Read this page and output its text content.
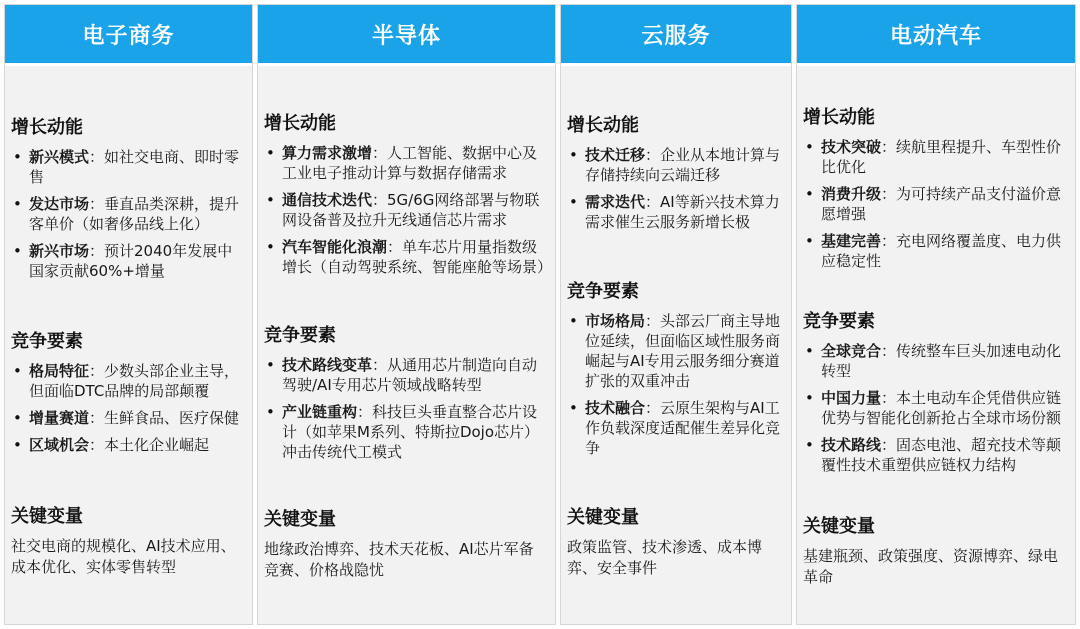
电子商务
增长动能
• 新兴模式：如社交电商、即时零售
• 发达市场：垂直品类深耕，提升客单价（如奢侈品线上化）
• 新兴市场：预计2040年发展中国家贡献60%+增量
竞争要素
• 格局特征：少数头部企业主导，但面临DTC品牌的局部颠覆
• 增量赛道：生鲜食品、医疗保健
• 区域机会：本土化企业崛起
关键变量

社交电商的规模化、AI技术应用、成本优化、实体零售转型

半导体
增长动能
• 算力需求激增：人工智能、数据中心及工业电子推动计算与数据存储需求
• 通信技术迭代：5G/6G网络部署与物联网设备普及拉升无线通信芯片需求
• 汽车智能化浪潮：单车芯片用量指数级增长（自动驾驶系统、智能座舱等场景）
竞争要素
• 技术路线变革：从通用芯片制造向自动驾驶/AI专用芯片领域战略转型
• 产业链重构：科技巨头垂直整合芯片设计（如苹果M系列、特斯拉Dojo芯片）冲击传统代工模式
关键变量

地缘政治博弈、技术天花板、AI芯片军备竞赛、价格战隐忧

云服务
增长动能
• 技术迁移：企业从本地计算与存储持续向云端迁移
• 需求迭代：AI等新兴技术算力需求催生云服务新增长极
竞争要素
• 市场格局：头部云厂商主导地位延续，但面临区域性服务商崛起与AI专用云服务细分赛道扩张的双重冲击
• 技术融合：云原生架构与AI工作负载深度适配催生差异化竞争
关键变量

政策监管、技术渗透、成本博弈、安全事件

电动汽车
增长动能
• 技术突破：续航里程提升、车型性价比优化
• 消费升级：为可持续产品支付溢价意愿增强
• 基建完善：充电网络覆盖度、电力供应稳定性
竞争要素
• 全球竞合：传统整车巨头加速电动化转型
• 中国力量：本土电动车企凭借供应链优势与智能化创新抢占全球市场份额
• 技术路线：固态电池、超充技术等颠覆性技术重塑供应链权力结构
关键变量

基建瓶颈、政策强度、资源博弈、绿电革命
